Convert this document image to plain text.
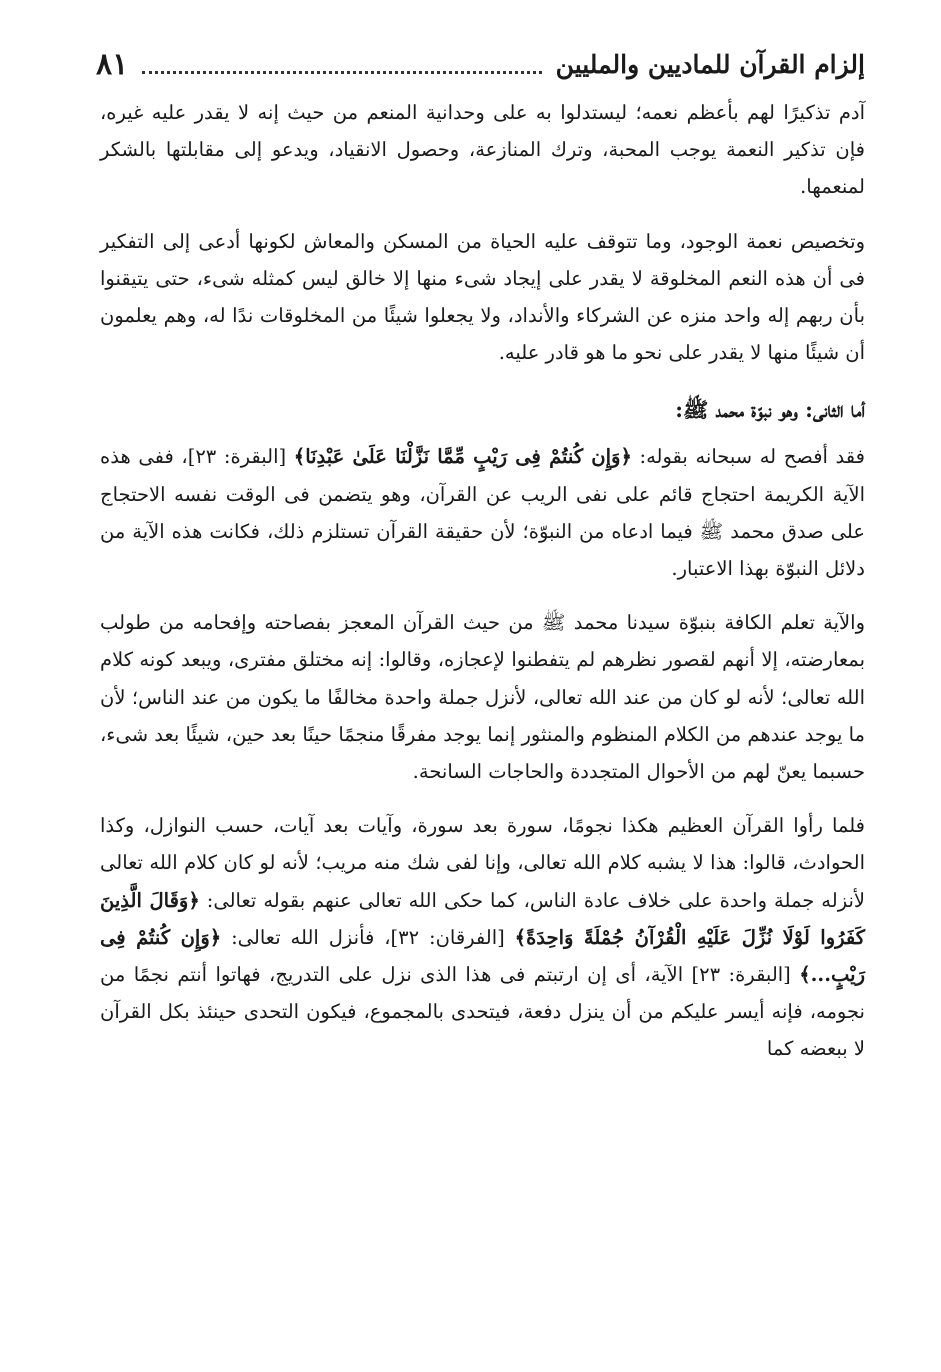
إلزام القرآن للماديين والمليين
٨١

آدم تذكيرًا لهم بأعظم نعمه؛ ليستدلوا به على وحدانية المنعم من حيث إنه لا يقدر عليه غيره، فإن تذكير النعمة يوجب المحبة، وترك المنازعة، وحصول الانقياد، ويدعو إلى مقابلتها بالشكر لمنعمها.

وتخصيص نعمة الوجود، وما تتوقف عليه الحياة من المسكن والمعاش لكونها أدعى إلى التفكير فى أن هذه النعم المخلوقة لا يقدر على إيجاد شىء منها إلا خالق ليس كمثله شىء، حتى يتيقنوا بأن ربهم إله واحد منزه عن الشركاء والأنداد، ولا يجعلوا شيئًا من المخلوقات ندًا له، وهم يعلمون أن شيئًا منها لا يقدر على نحو ما هو قادر عليه.

أما الثانى: وهو نبوّة محمد ﷺ:

فقد أفصح له سبحانه بقوله: ﴿وَإِن كُنتُمْ فِى رَيْبٍ مِّمَّا نَزَّلْنَا عَلَىٰ عَبْدِنَا﴾ [البقرة: ٢٣]، ففى هذه الآية الكريمة احتجاج قائم على نفى الريب عن القرآن، وهو يتضمن فى الوقت نفسه الاحتجاج على صدق محمد ﷺ فيما ادعاه من النبوّة؛ لأن حقيقة القرآن تستلزم ذلك، فكانت هذه الآية من دلائل النبوّة بهذا الاعتبار.

والآية تعلم الكافة بنبوّة سيدنا محمد ﷺ من حيث القرآن المعجز بفصاحته وإفحامه من طولب بمعارضته، إلا أنهم لقصور نظرهم لم يتفطنوا لإعجازه، وقالوا: إنه مختلق مفترى، ويبعد كونه كلام الله تعالى؛ لأنه لو كان من عند الله تعالى، لأنزل جملة واحدة مخالفًا ما يكون من عند الناس؛ لأن ما يوجد عندهم من الكلام المنظوم والمنثور إنما يوجد مفرقًا منجمًا حينًا بعد حين، شيئًا بعد شىء، حسبما يعنّ لهم من الأحوال المتجددة والحاجات السانحة.

فلما رأوا القرآن العظيم هكذا نجومًا، سورة بعد سورة، وآيات بعد آيات، حسب النوازل، وكذا الحوادث، قالوا: هذا لا يشبه كلام الله تعالى، وإنا لفى شك منه مريب؛ لأنه لو كان كلام الله تعالى لأنزله جملة واحدة على خلاف عادة الناس، كما حكى الله تعالى عنهم بقوله تعالى: ﴿وَقَالَ الَّذِينَ كَفَرُوا لَوْلَا نُزِّلَ عَلَيْهِ الْقُرْآنُ جُمْلَةً وَاحِدَةً﴾ [الفرقان: ٣٢]، فأنزل الله تعالى: ﴿وَإِن كُنتُمْ فِى رَيْبٍ...﴾ [البقرة: ٢٣] الآية، أى إن ارتبتم فى هذا الذى نزل على التدريج، فهاتوا أنتم نجمًا من نجومه، فإنه أيسر عليكم من أن ينزل دفعة، فيتحدى بالمجموع، فيكون التحدى حينئذ بكل القرآن لا ببعضه كما
